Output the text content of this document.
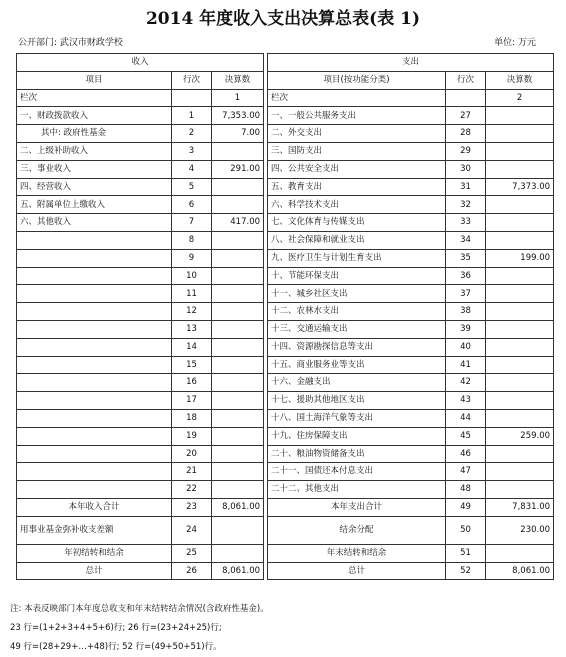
2014 年度收入支出决算总表(表 1)
公开部门: 武汉市财政学校	单位: 万元
收入				支出		
项目	行次	决算数		项目(按功能分类)	行次	决算数
栏次		1		栏次		2
一、财政拨款收入	1	7,353.00		一、一般公共服务支出	27	
其中: 政府性基金	2	7.00		二、外交支出	28	
二、上级补助收入	3			三、国防支出	29	
三、事业收入	4	291.00		四、公共安全支出	30	
四、经营收入	5			五、教育支出	31	7,373.00
五、附属单位上缴收入	6			六、科学技术支出	32	
六、其他收入	7	417.00		七、文化体育与传媒支出	33	
	8			八、社会保障和就业支出	34	
	9			九、医疗卫生与计划生育支出	35	199.00
	10			十、节能环保支出	36	
	11			十一、城乡社区支出	37	
	12			十二、农林水支出	38	
	13			十三、交通运输支出	39	
	14			十四、资源勘探信息等支出	40	
	15			十五、商业服务业等支出	41	
	16			十六、金融支出	42	
	17			十七、援助其他地区支出	43	
	18			十八、国土海洋气象等支出	44	
	19			十九、住房保障支出	45	259.00
	20			二十、粮油物资储备支出	46	
	21			二十一、国债还本付息支出	47	
	22			二十二、其他支出	48	
本年收入合计	23	8,061.00		本年支出合计	49	7,831.00
用事业基金弥补收支差额	24			结余分配	50	230.00
年初结转和结余	25			年末结转和结余	51	
总计	26	8,061.00		总计	52	8,061.00
注: 本表反映部门本年度总收支和年末结转结余情况(含政府性基金)。
23 行=(1+2+3+4+5+6)行; 26 行=(23+24+25)行;
49 行=(28+29+…+48)行; 52 行=(49+50+51)行。
